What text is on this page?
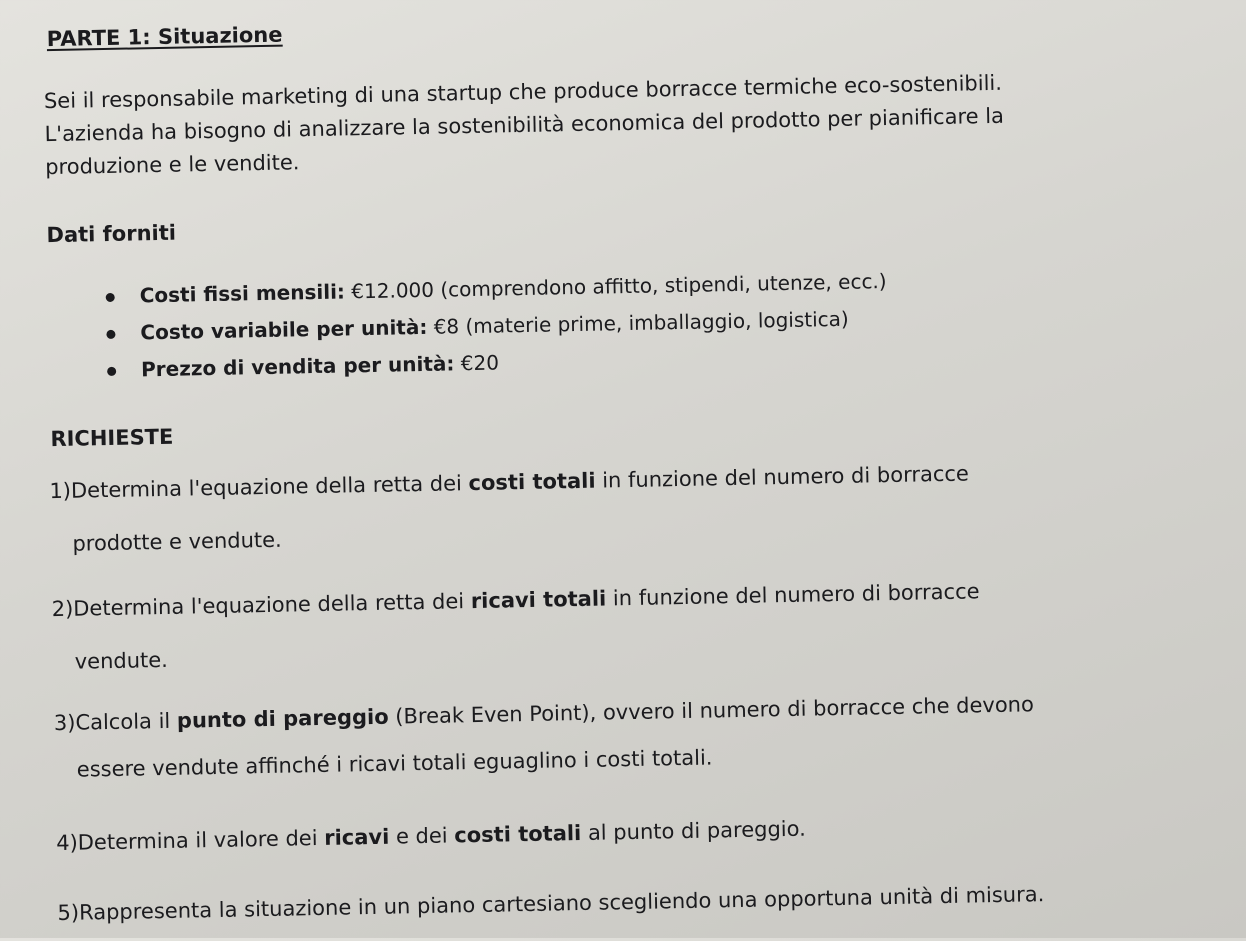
PARTE 1: Situazione
Sei il responsabile marketing di una startup che produce borracce termiche eco-sostenibili.
L'azienda ha bisogno di analizzare la sostenibilità economica del prodotto per pianificare la
produzione e le vendite.
Dati forniti
Costi fissi mensili: €12.000 (comprendono affitto, stipendi, utenze, ecc.)
Costo variabile per unità: €8 (materie prime, imballaggio, logistica)
Prezzo di vendita per unità: €20
RICHIESTE
1)Determina l'equazione della retta dei costi totali in funzione del numero di borracce
prodotte e vendute.
2)Determina l'equazione della retta dei ricavi totali in funzione del numero di borracce
vendute.
3)Calcola il punto di pareggio (Break Even Point), ovvero il numero di borracce che devono
essere vendute affinché i ricavi totali eguaglino i costi totali.
4)Determina il valore dei ricavi e dei costi totali al punto di pareggio.
5)Rappresenta la situazione in un piano cartesiano scegliendo una opportuna unità di misura.
